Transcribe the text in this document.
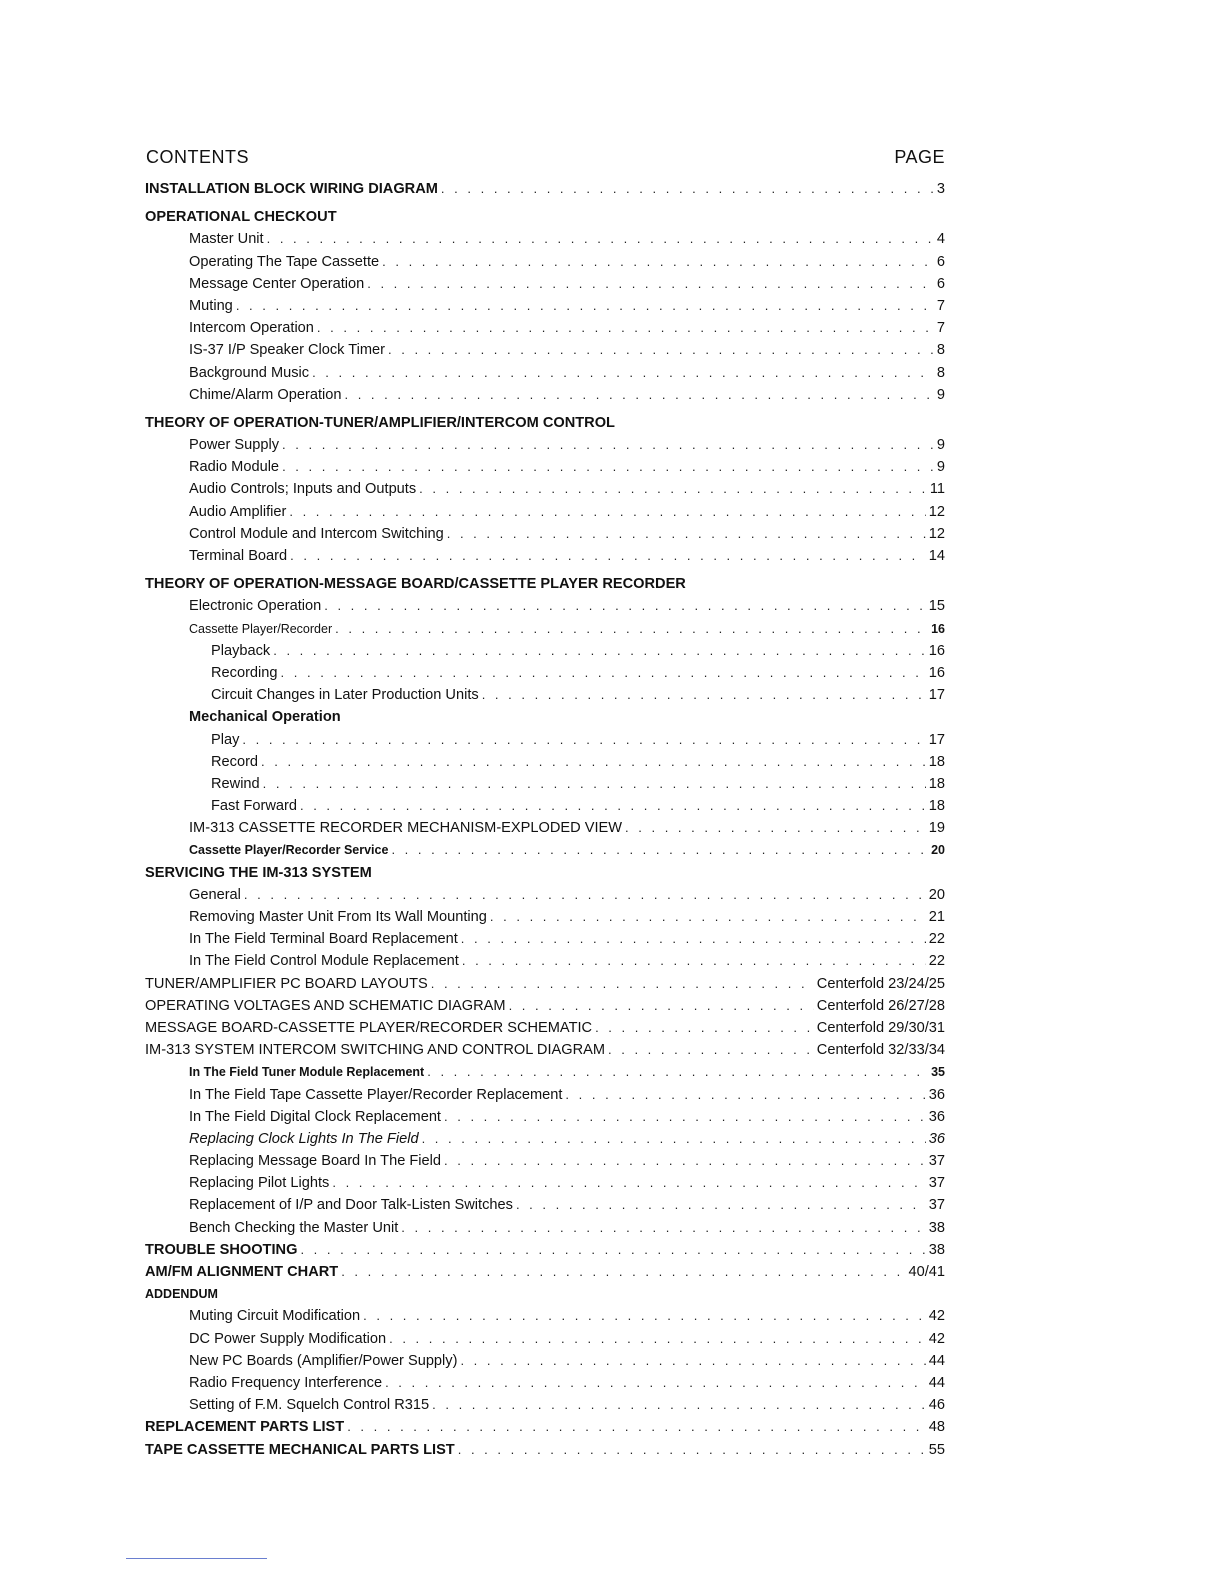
CONTENTS	PAGE
INSTALLATION BLOCK WIRING DIAGRAM . . .	3
OPERATIONAL CHECKOUT
Master Unit . . .	4
Operating The Tape Cassette . . .	6
Message Center Operation . . .	6
Muting . . .	7
Intercom Operation . . .	7
IS-37 I/P Speaker Clock Timer . . .	8
Background Music . . .	8
Chime/Alarm Operation . . .	9
THEORY OF OPERATION-TUNER/AMPLIFIER/INTERCOM CONTROL
Power Supply . . .	9
Radio Module . . .	9
Audio Controls; Inputs and Outputs . . .	11
Audio Amplifier . . .	12
Control Module and Intercom Switching . . .	12
Terminal Board . . .	14
THEORY OF OPERATION-MESSAGE BOARD/CASSETTE PLAYER RECORDER
Electronic Operation . . .	15
Cassette Player/Recorder . . .	16
Playback . . .	16
Recording . . .	16
Circuit Changes in Later Production Units . . .	17
Mechanical Operation
Play . . .	17
Record . . .	18
Rewind . . .	18
Fast Forward . . .	18
IM-313 CASSETTE RECORDER MECHANISM-EXPLODED VIEW . . .	19
Cassette Player/Recorder Service . . .	20
SERVICING THE IM-313 SYSTEM
General . . .	20
Removing Master Unit From Its Wall Mounting . . .	21
In The Field Terminal Board Replacement . . .	22
In The Field Control Module Replacement . . .	22
TUNER/AMPLIFIER PC BOARD LAYOUTS . . .	Centerfold 23/24/25
OPERATING VOLTAGES AND SCHEMATIC DIAGRAM . . .	Centerfold 26/27/28
MESSAGE BOARD-CASSETTE PLAYER/RECORDER SCHEMATIC . . .	Centerfold 29/30/31
IM-313 SYSTEM INTERCOM SWITCHING AND CONTROL DIAGRAM . . .	Centerfold 32/33/34
In The Field Tuner Module Replacement . . .	35
In The Field Tape Cassette Player/Recorder Replacement . . .	36
In The Field Digital Clock Replacement . . .	36
Replacing Clock Lights In The Field . . .	36
Replacing Message Board In The Field . . .	37
Replacing Pilot Lights . . .	37
Replacement of I/P and Door Talk-Listen Switches . . .	37
Bench Checking the Master Unit . . .	38
TROUBLE SHOOTING . . .	38
AM/FM ALIGNMENT CHART . . .	40/41
ADDENDUM
Muting Circuit Modification . . .	42
DC Power Supply Modification . . .	42
New PC Boards (Amplifier/Power Supply) . . .	44
Radio Frequency Interference . . .	44
Setting of F.M. Squelch Control R315 . . .	46
REPLACEMENT PARTS LIST . . .	48
TAPE CASSETTE MECHANICAL PARTS LIST . . .	55
